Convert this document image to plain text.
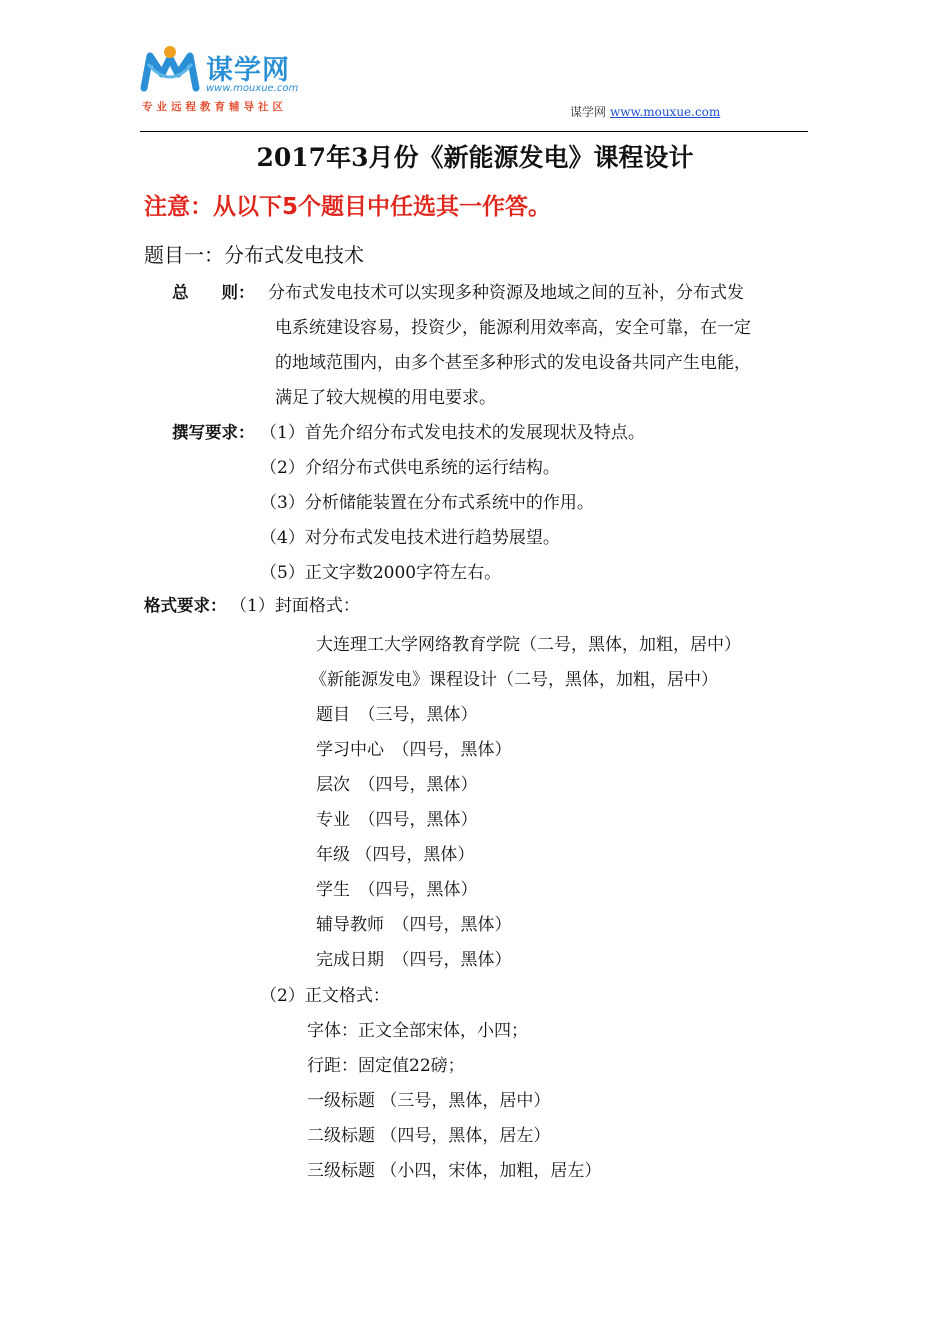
谋学网
www.mouxue.com
专业远程教育辅导社区	谋学网 www.mouxue.com
2017年3月份《新能源发电》课程设计
注意：从以下5个题目中任选其一作答。
题目一：分布式发电技术
总　　则： 分布式发电技术可以实现多种资源及地域之间的互补，分布式发
电系统建设容易，投资少，能源利用效率高，安全可靠，在一定
的地域范围内，由多个甚至多种形式的发电设备共同产生电能，
满足了较大规模的用电要求。
撰写要求： （1）首先介绍分布式发电技术的发展现状及特点。
（2）介绍分布式供电系统的运行结构。
（3）分析储能装置在分布式系统中的作用。
（4）对分布式发电技术进行趋势展望。
（5）正文字数2000字符左右。
格式要求： （1）封面格式：
大连理工大学网络教育学院（二号，黑体，加粗，居中）
《新能源发电》课程设计（二号，黑体，加粗，居中）
题目　（三号，黑体）
学习中心　（四号，黑体）
层次　（四号，黑体）
专业　（四号，黑体）
年级 （四号，黑体）
学生　（四号，黑体）
辅导教师　（四号，黑体）
完成日期　（四号，黑体）
（2）正文格式：
字体：正文全部宋体，小四；
行距：固定值22磅；
一级标题 （三号，黑体，居中）
二级标题 （四号，黑体，居左）
三级标题 （小四，宋体，加粗，居左）
